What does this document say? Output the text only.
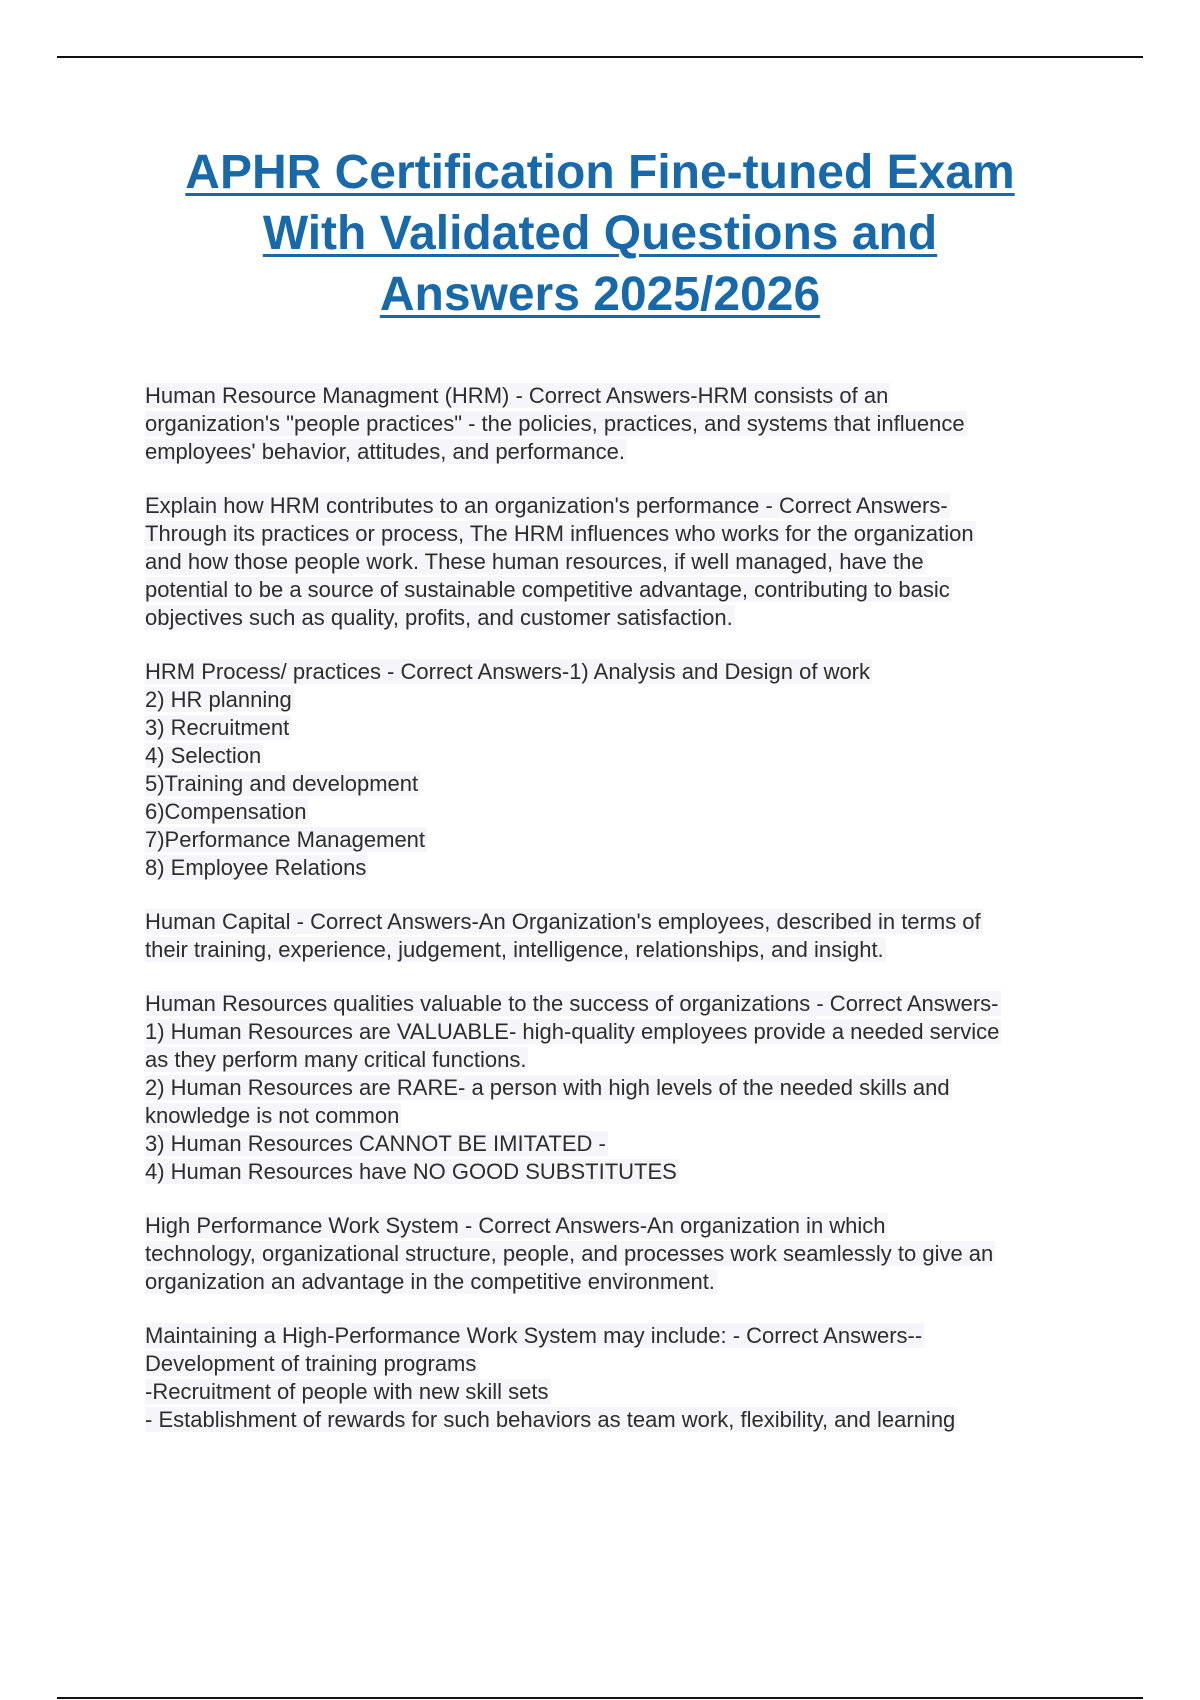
APHR Certification Fine-tuned Exam
With Validated Questions and
Answers 2025/2026

Human Resource Managment (HRM) - Correct Answers-HRM consists of an
organization's "people practices" - the policies, practices, and systems that influence
employees' behavior, attitudes, and performance.

Explain how HRM contributes to an organization's performance - Correct Answers-
Through its practices or process, The HRM influences who works for the organization
and how those people work. These human resources, if well managed, have the
potential to be a source of sustainable competitive advantage, contributing to basic
objectives such as quality, profits, and customer satisfaction.

HRM Process/ practices - Correct Answers-1) Analysis and Design of work
2) HR planning
3) Recruitment
4) Selection
5)Training and development
6)Compensation
7)Performance Management
8) Employee Relations

Human Capital - Correct Answers-An Organization's employees, described in terms of
their training, experience, judgement, intelligence, relationships, and insight.

Human Resources qualities valuable to the success of organizations - Correct Answers-
1) Human Resources are VALUABLE- high-quality employees provide a needed service
as they perform many critical functions.
2) Human Resources are RARE- a person with high levels of the needed skills and
knowledge is not common
3) Human Resources CANNOT BE IMITATED -
4) Human Resources have NO GOOD SUBSTITUTES

High Performance Work System - Correct Answers-An organization in which
technology, organizational structure, people, and processes work seamlessly to give an
organization an advantage in the competitive environment.

Maintaining a High-Performance Work System may include: - Correct Answers--
Development of training programs
-Recruitment of people with new skill sets
- Establishment of rewards for such behaviors as team work, flexibility, and learning
